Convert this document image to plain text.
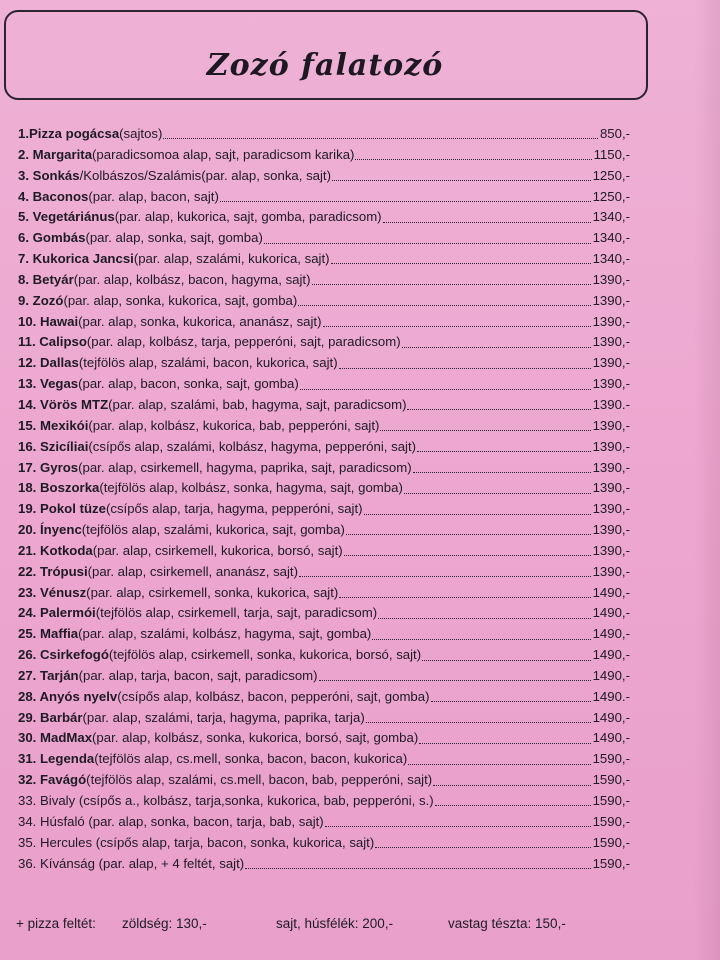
Zozó falatozó
1.Pizza pogácsa (sajtos)	850,-
2. Margarita (paradicsomoa alap, sajt, paradicsom karika)	1150,-
3. Sonkás /Kolbászos/Szalámis(par. alap, sonka, sajt)	1250,-
4. Baconos (par. alap, bacon, sajt)	1250,-
5. Vegetáriánus (par. alap, kukorica, sajt, gomba, paradicsom)	1340,-
6. Gombás (par. alap, sonka, sajt, gomba)	1340,-
7. Kukorica Jancsi (par. alap, szalámi, kukorica, sajt)	1340,-
8. Betyár (par. alap, kolbász, bacon, hagyma, sajt)	1390,-
9. Zozó (par. alap, sonka, kukorica, sajt, gomba)	1390,-
10. Hawai (par. alap, sonka, kukorica, ananász, sajt)	1390,-
11. Calipso (par. alap, kolbász, tarja, pepperóni, sajt, paradicsom)	1390,-
12. Dallas (tejfölös alap, szalámi, bacon, kukorica, sajt)	1390,-
13. Vegas (par. alap, bacon, sonka, sajt, gomba)	1390,-
14. Vörös MTZ (par. alap, szalámi, bab, hagyma, sajt, paradicsom)	1390.-
15. Mexikói (par. alap, kolbász, kukorica, bab, pepperóni, sajt)	1390,-
16. Szicíliai (csípős alap, szalámi, kolbász, hagyma, pepperóni, sajt)	1390,-
17. Gyros (par. alap, csirkemell, hagyma, paprika, sajt, paradicsom)	1390,-
18. Boszorka (tejfölös alap, kolbász, sonka, hagyma, sajt, gomba)	1390,-
19. Pokol tüze (csípős alap, tarja, hagyma, pepperóni, sajt)	1390,-
20. Ínyenc (tejfölös alap, szalámi, kukorica, sajt, gomba)	1390,-
21. Kotkoda (par. alap, csirkemell, kukorica, borsó, sajt)	1390,-
22. Trópusi (par. alap, csirkemell, ananász, sajt)	1390,-
23. Vénusz (par. alap, csirkemell, sonka, kukorica, sajt)	1490,-
24. Palermói (tejfölös alap, csirkemell, tarja, sajt, paradicsom)	1490,-
25. Maffia (par. alap, szalámi, kolbász, hagyma, sajt, gomba)	1490,-
26. Csirkefogó (tejfölös alap, csirkemell, sonka, kukorica, borsó, sajt)	1490,-
27. Tarján (par. alap, tarja, bacon, sajt, paradicsom)	1490,-
28. Anyós nyelv (csípős alap, kolbász, bacon, pepperóni, sajt, gomba)	1490.-
29. Barbár (par. alap, szalámi, tarja, hagyma, paprika, tarja)	1490,-
30. MadMax (par. alap, kolbász, sonka, kukorica, borsó, sajt, gomba)	1490,-
31. Legenda (tejfölös alap, cs.mell, sonka, bacon, bacon, kukorica)	1590,-
32. Favágó (tejfölös alap, szalámi, cs.mell, bacon, bab, pepperóni, sajt)	1590,-
33. Bivaly (csípős a., kolbász, tarja,sonka, kukorica, bab, pepperóni, s.)	1590,-
34. Húsfaló (par. alap, sonka, bacon, tarja, bab, sajt)	1590,-
35. Hercules (csípős alap, tarja, bacon, sonka, kukorica, sajt)	1590,-
36. Kívánság (par. alap, + 4 feltét, sajt)	1590,-
+ pizza feltét: zöldség: 130,-	sajt, húsfélék: 200,-	vastag tészta: 150,-
